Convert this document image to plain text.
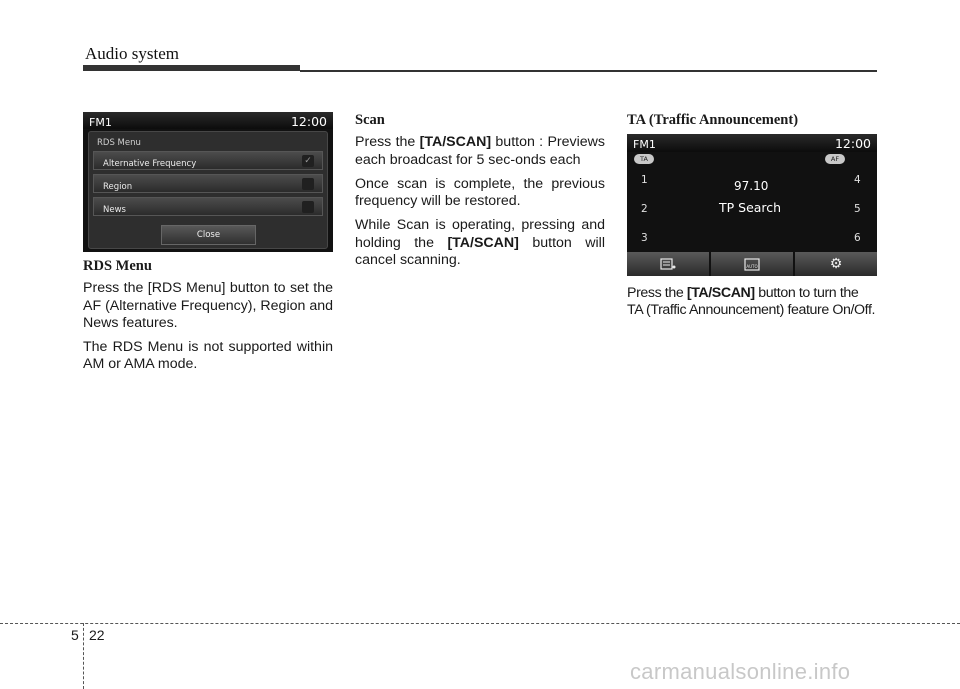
Audio system
FM1	12:00
RDS Menu
Alternative Frequency	✓
Region
News
Close
RDS Menu

Press the [RDS Menu] button to set the AF (Alternative Frequency), Region and News features.

The RDS Menu is not supported within AM or AMA mode.

Scan

Press the [TA/SCAN] button : Previews each broadcast for 5 sec-onds each

Once scan is complete, the previous frequency will be restored.

While Scan is operating, pressing and holding the [TA/SCAN] button will cancel scanning.

TA (Traffic Announcement)
FM1	12:00
TA	AF
1
2
3
4
5
6
97.10
TP Search
AUTO	⚙

Press the [TA/SCAN] button to turn the TA (Traffic Announcement) feature On/Off.

5 22
carmanualsonline.info
